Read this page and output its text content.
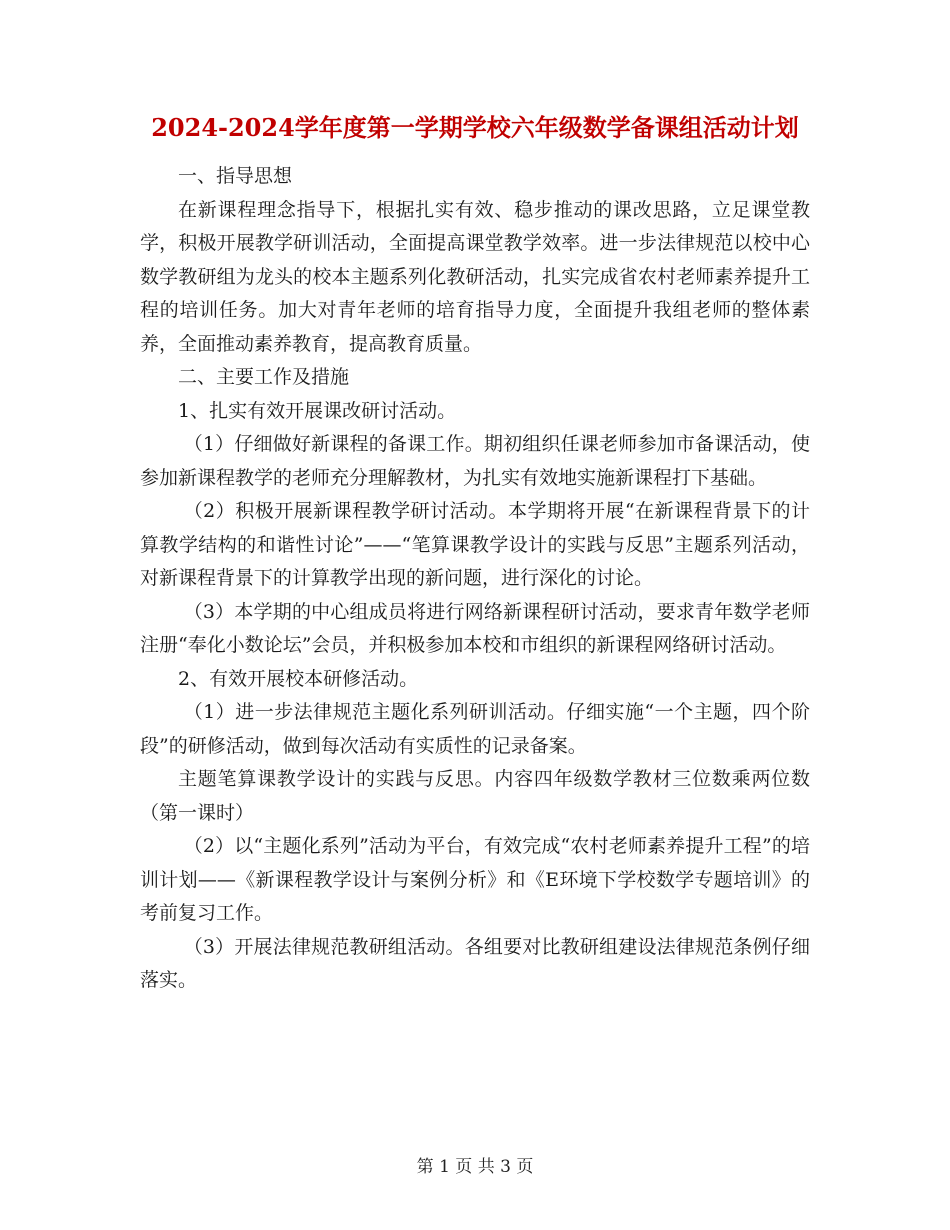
2024-2024学年度第一学期学校六年级数学备课组活动计划

一、指导思想

在新课程理念指导下，根据扎实有效、稳步推动的课改思路，立足课堂教学，积极开展教学研训活动，全面提高课堂教学效率。进一步法律规范以校中心数学教研组为龙头的校本主题系列化教研活动，扎实完成省农村老师素养提升工程的培训任务。加大对青年老师的培育指导力度，全面提升我组老师的整体素养，全面推动素养教育，提高教育质量。

二、主要工作及措施

1、扎实有效开展课改研讨活动。

（1）仔细做好新课程的备课工作。期初组织任课老师参加市备课活动，使参加新课程教学的老师充分理解教材，为扎实有效地实施新课程打下基础。

（2）积极开展新课程教学研讨活动。本学期将开展“在新课程背景下的计算教学结构的和谐性讨论”——“笔算课教学设计的实践与反思”主题系列活动，对新课程背景下的计算教学出现的新问题，进行深化的讨论。

（3）本学期的中心组成员将进行网络新课程研讨活动，要求青年数学老师注册“奉化小数论坛”会员，并积极参加本校和市组织的新课程网络研讨活动。

2、有效开展校本研修活动。

（1）进一步法律规范主题化系列研训活动。仔细实施“一个主题，四个阶段”的研修活动，做到每次活动有实质性的记录备案。

主题笔算课教学设计的实践与反思。内容四年级数学教材三位数乘两位数（第一课时）

（2）以“主题化系列”活动为平台，有效完成“农村老师素养提升工程”的培训计划——《新课程教学设计与案例分析》和《E环境下学校数学专题培训》的考前复习工作。

（3）开展法律规范教研组活动。各组要对比教研组建设法律规范条例仔细落实。

第 1 页 共 3 页
